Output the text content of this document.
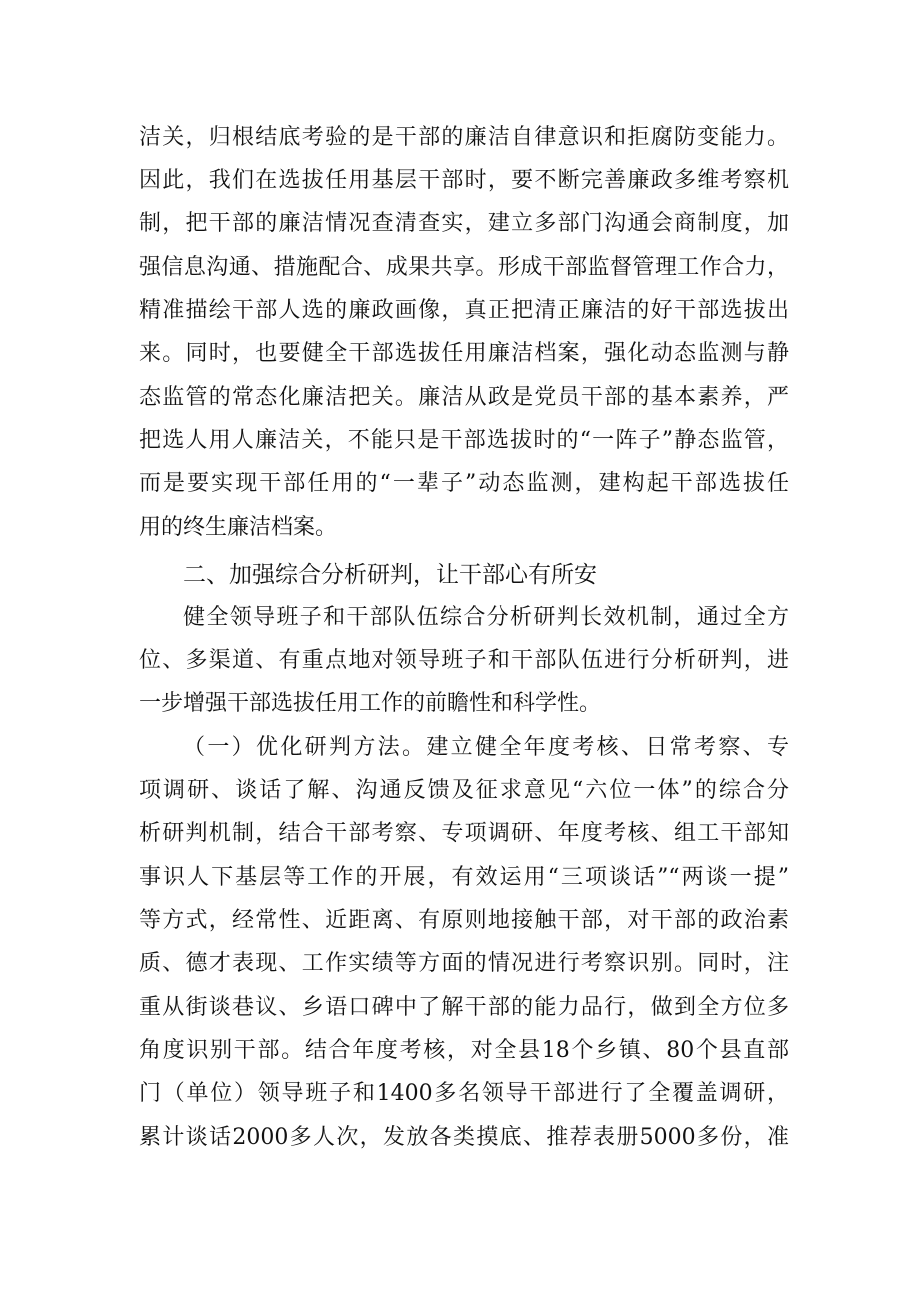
洁关，归根结底考验的是干部的廉洁自律意识和拒腐防变能力。
因此，我们在选拔任用基层干部时，要不断完善廉政多维考察机
制，把干部的廉洁情况查清查实，建立多部门沟通会商制度，加
强信息沟通、措施配合、成果共享。形成干部监督管理工作合力，
精准描绘干部人选的廉政画像，真正把清正廉洁的好干部选拔出
来。同时，也要健全干部选拔任用廉洁档案，强化动态监测与静
态监管的常态化廉洁把关。廉洁从政是党员干部的基本素养，严
把选人用人廉洁关，不能只是干部选拔时的“一阵子”静态监管，
而是要实现干部任用的“一辈子”动态监测，建构起干部选拔任
用的终生廉洁档案。
二、加强综合分析研判，让干部心有所安
健全领导班子和干部队伍综合分析研判长效机制，通过全方
位、多渠道、有重点地对领导班子和干部队伍进行分析研判，进
一步增强干部选拔任用工作的前瞻性和科学性。
（一）优化研判方法。建立健全年度考核、日常考察、专
项调研、谈话了解、沟通反馈及征求意见“六位一体”的综合分
析研判机制，结合干部考察、专项调研、年度考核、组工干部知
事识人下基层等工作的开展，有效运用“三项谈话”“两谈一提”
等方式，经常性、近距离、有原则地接触干部，对干部的政治素
质、德才表现、工作实绩等方面的情况进行考察识别。同时，注
重从街谈巷议、乡语口碑中了解干部的能力品行，做到全方位多
角度识别干部。结合年度考核，对全县18个乡镇、80个县直部
门（单位）领导班子和1400多名领导干部进行了全覆盖调研，
累计谈话2000多人次，发放各类摸底、推荐表册5000多份，准
